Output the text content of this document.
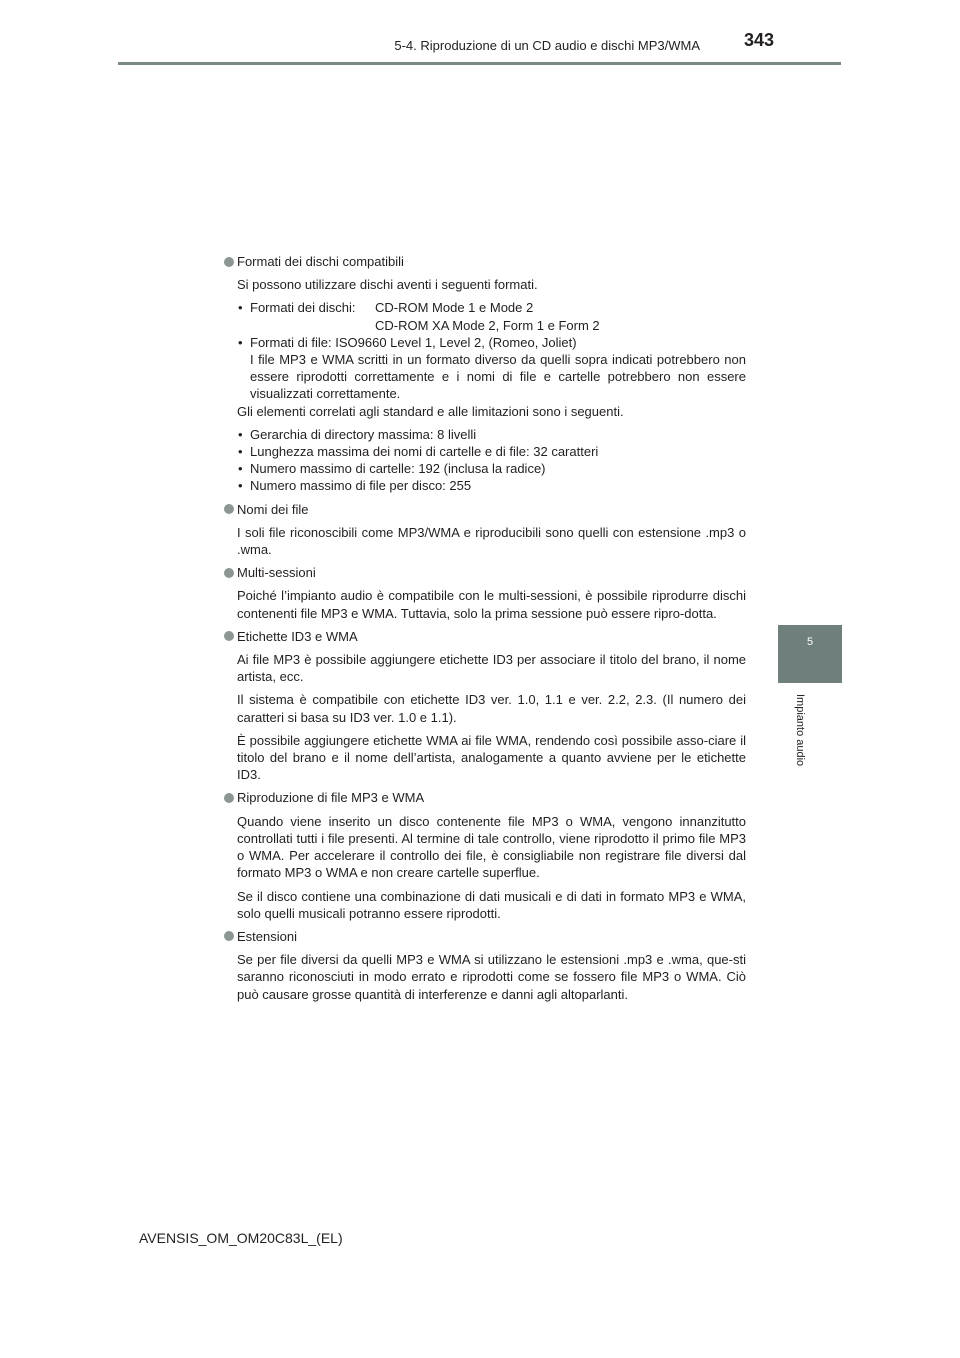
5-4. Riproduzione di un CD audio e dischi MP3/WMA 343
5
Impianto audio
Formati dei dischi compatibili

Si possono utilizzare dischi aventi i seguenti formati.

• Formati dei dischi:	CD-ROM Mode 1 e Mode 2
CD-ROM XA Mode 2, Form 1 e Form 2
• Formati di file: ISO9660 Level 1, Level 2, (Romeo, Joliet)
I file MP3 e WMA scritti in un formato diverso da quelli sopra indicati potrebbero non essere riprodotti correttamente e i nomi di file e cartelle potrebbero non essere visualizzati correttamente.

Gli elementi correlati agli standard e alle limitazioni sono i seguenti.

• Gerarchia di directory massima: 8 livelli
• Lunghezza massima dei nomi di cartelle e di file: 32 caratteri
• Numero massimo di cartelle: 192 (inclusa la radice)
• Numero massimo di file per disco: 255
Nomi dei file

I soli file riconoscibili come MP3/WMA e riproducibili sono quelli con estensione .mp3 o .wma.

Multi-sessioni

Poiché l’impianto audio è compatibile con le multi-sessioni, è possibile riprodurre dischi contenenti file MP3 e WMA. Tuttavia, solo la prima sessione può essere ripro-dotta.

Etichette ID3 e WMA

Ai file MP3 è possibile aggiungere etichette ID3 per associare il titolo del brano, il nome artista, ecc.

Il sistema è compatibile con etichette ID3 ver. 1.0, 1.1 e ver. 2.2, 2.3. (Il numero dei caratteri si basa su ID3 ver. 1.0 e 1.1).

È possibile aggiungere etichette WMA ai file WMA, rendendo così possibile asso-ciare il titolo del brano e il nome dell’artista, analogamente a quanto avviene per le etichette ID3.

Riproduzione di file MP3 e WMA

Quando viene inserito un disco contenente file MP3 o WMA, vengono innanzitutto controllati tutti i file presenti. Al termine di tale controllo, viene riprodotto il primo file MP3 o WMA. Per accelerare il controllo dei file, è consigliabile non registrare file diversi dal formato MP3 o WMA e non creare cartelle superflue.

Se il disco contiene una combinazione di dati musicali e di dati in formato MP3 e WMA, solo quelli musicali potranno essere riprodotti.

Estensioni

Se per file diversi da quelli MP3 e WMA si utilizzano le estensioni .mp3 e .wma, que-sti saranno riconosciuti in modo errato e riprodotti come se fossero file MP3 o WMA. Ciò può causare grosse quantità di interferenze e danni agli altoparlanti.

AVENSIS_OM_OM20C83L_(EL)
